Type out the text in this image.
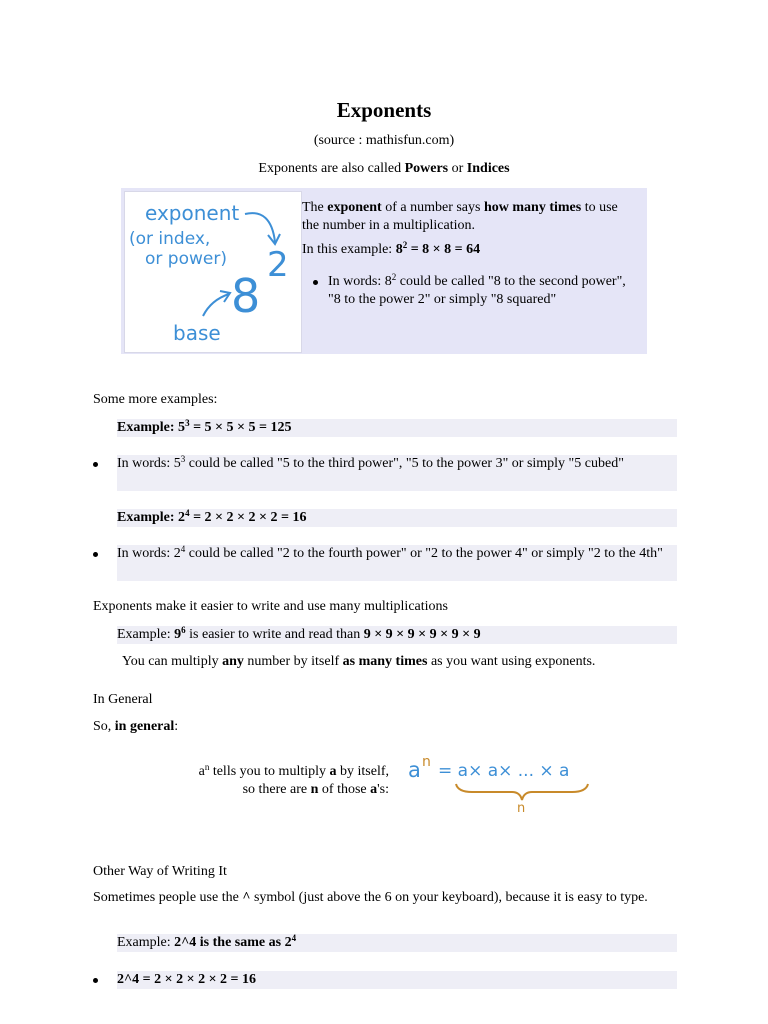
Exponents
(source : mathisfun.com)
Exponents are also called Powers or Indices
exponent
(or index,
or power)
8
2
base

The exponent of a number says how many times to use the number in a multiplication.

In this example: $8^2 = 8 \times 8 = 64$

In words: $8^2$ could be called "8 to the second power", "8 to the power 2" or simply "8 squared"
Some more examples:
Example: $5^3 = 5 \times 5 \times 5 = 125$
In words: $5^3$ could be called "5 to the third power", "5 to the power 3" or simply "5 cubed"
Example: $2^4 = 2 \times 2 \times 2 \times 2 = 16$
In words: $2^4$ could be called "2 to the fourth power" or "2 to the power 4" or simply "2 to the 4th"
Exponents make it easier to write and use many multiplications
Example: $9^6$ is easier to write and read than 9 × 9 × 9 × 9 × 9 × 9
You can multiply any number by itself as many times as you want using exponents.
In General
So, in general:
$a^n$ tells you to multiply a by itself,
so there are n of those a's:
a n = a× a× ... × a
n
Other Way of Writing It
Sometimes people use the ^ symbol (just above the 6 on your keyboard), because it is easy to type.
Example: 2^4 is the same as $2^4$
2^4 = 2 × 2 × 2 × 2 = 16
